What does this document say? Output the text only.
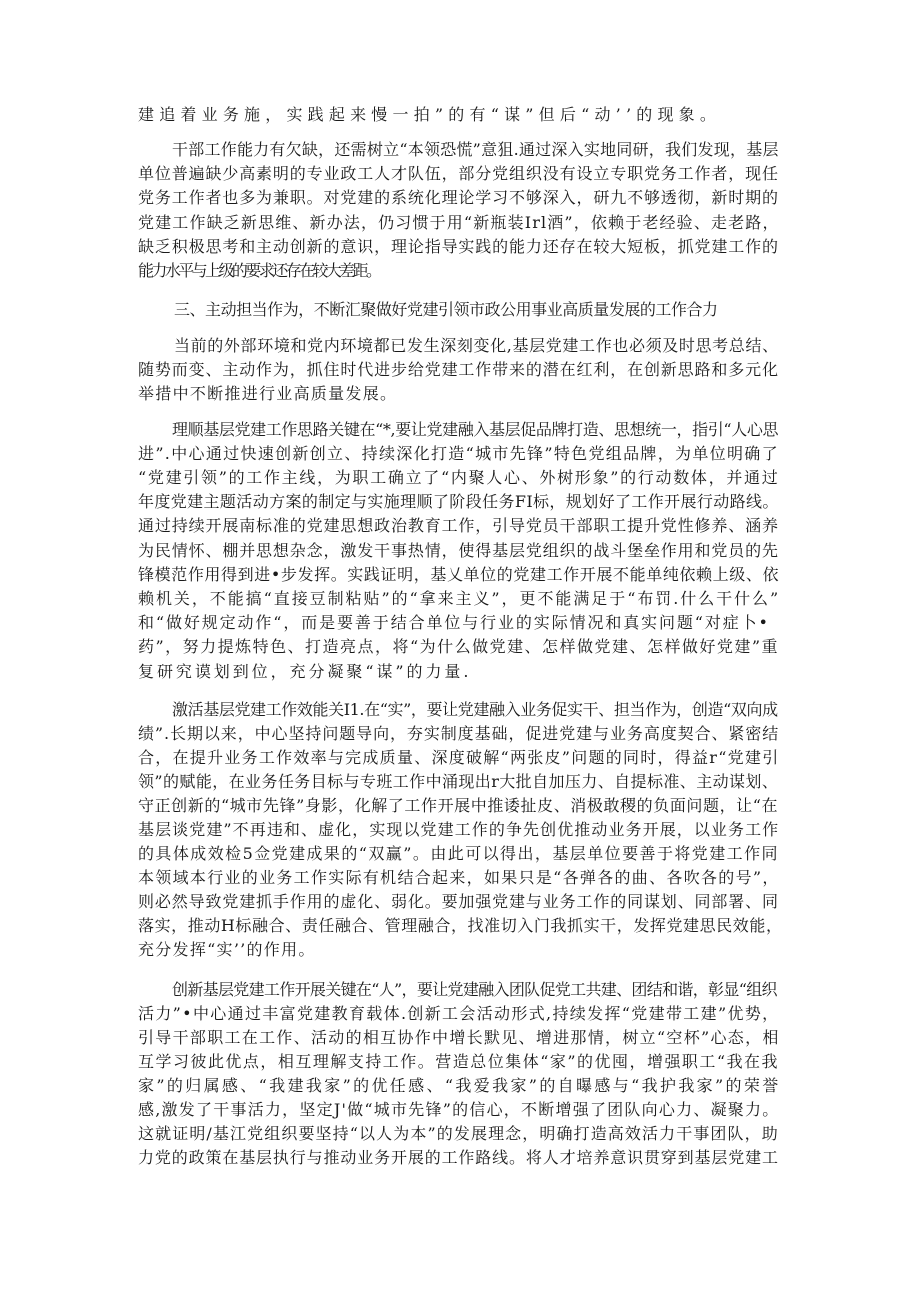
建追着业务施，实践起来慢一拍”的有“谋”但后“动’’的现象。
干部工作能力有欠缺，还需树立“本领恐慌”意狙.通过深入实地同研，我们发现，基层
单位普遍缺少高素明的专业政工人才队伍，部分党组织没有设立专职党务工作者，现任
党务工作者也多为兼职。对党建的系统化理论学习不够深入，研九不够透彻，新时期的
党建工作缺乏新思维、新办法，仍习惯于用“新瓶装Irl酒”，依赖于老经验、走老路，
缺乏积极思考和主动创新的意识，理论指导实践的能力还存在较大短板，抓党建工作的
能力水平与上级的要求还存在较大差距。
三、主动担当作为，不断汇聚做好党建引领市政公用事业高质量发展的工作合力
当前的外部环境和党内环境都已发生深刻变化,基层党建工作也必须及时思考总结、
随势而变、主动作为，抓住时代进步给党建工作带来的潜在红利，在创新思路和多元化
举措中不断推进行业高质量发展。
理顺基层党建工作思路关键在“*,要让党建融入基层促品牌打造、思想统一，指引“人心思
进”.中心通过快速创新创立、持续深化打造“城市先锋”特色党组品牌，为单位明确了
“党建引领”的工作主线，为职工确立了“内聚人心、外树形象”的行动数体，并通过
年度党建主题活动方案的制定与实施理顺了阶段任务FI标，规划好了工作开展行动路线。
通过持续开展南标准的党建思想政治教育工作，引导党员干部职工提升党性修养、涵养
为民情怀、棚并思想杂念，激发干事热情，使得基层党组织的战斗堡垒作用和党员的先
锋模范作用得到进•步发挥。实践证明，基乂单位的党建工作开展不能单纯依赖上级、依
赖机关，不能搞“直接豆制粘贴”的“拿来主义”，更不能满足于“布罚.什么干什么”
和“做好规定动作“，而是要善于结合单位与行业的实际情况和真实问题“对症卜•
药”，努力提炼特色、打造亮点，将“为什么做党建、怎样做党建、怎样做好党建”重
复研究谟划到位，充分凝聚“谋”的力量.
激活基层党建工作效能关I1.在“实”，要让党建融入业务促实干、担当作为，创造“双向成
绩”.长期以来，中心坚持问题导向，夯实制度基础，促进党建与业务高度契合、紧密结
合，在提升业务工作效率与完成质量、深度破解“两张皮”问题的同时，得益r“党建引
领”的赋能，在业务任务目标与专班工作中涌现出r大批自加压力、自提标准、主动谋划、
守正创新的“城市先锋”身影，化解了工作开展中推诿扯皮、消极敢稷的负面问题，让“在
基层谈党建”不再违和、虚化，实现以党建工作的争先创优推动业务开展，以业务工作
的具体成效检5佥党建成果的“双赢”。由此可以得出，基层单位要善于将党建工作同
本领域本行业的业务工作实际有机结合起来，如果只是“各弹各的曲、各吹各的号”，
则必然导致党建抓手作用的虚化、弱化。要加强党建与业务工作的同谋划、同部署、同
落实，推动H标融合、责任融合、管理融合，找准切入门我抓实干，发挥党建思民效能，
充分发挥“实’’的作用。
创新基层党建工作开展关键在“人”，要让党建融入团队促党工共建、团结和谐，彰显“组织
活力”•中心通过丰富党建教育载体.创新工会活动形式,持续发挥“党建带工建”优势，
引导干部职工在工作、活动的相互协作中增长默见、增进那情，树立“空杯”心态，相
互学习彼此优点，相互理解支持工作。营造总位集体“家”的优囤，增强职工“我在我
家”的归属感、“我建我家”的优任感、“我爱我家”的自曝感与“我护我家”的荣誉
感,激发了干事活力，坚定J'做“城市先锋”的信心，不断增强了团队向心力、凝聚力。
这就证明/基江党组织要坚持“以人为本”的发展理念，明确打造高效活力干事团队，助
力党的政策在基层执行与推动业务开展的工作路线。将人才培养意识贯穿到基层党建工
